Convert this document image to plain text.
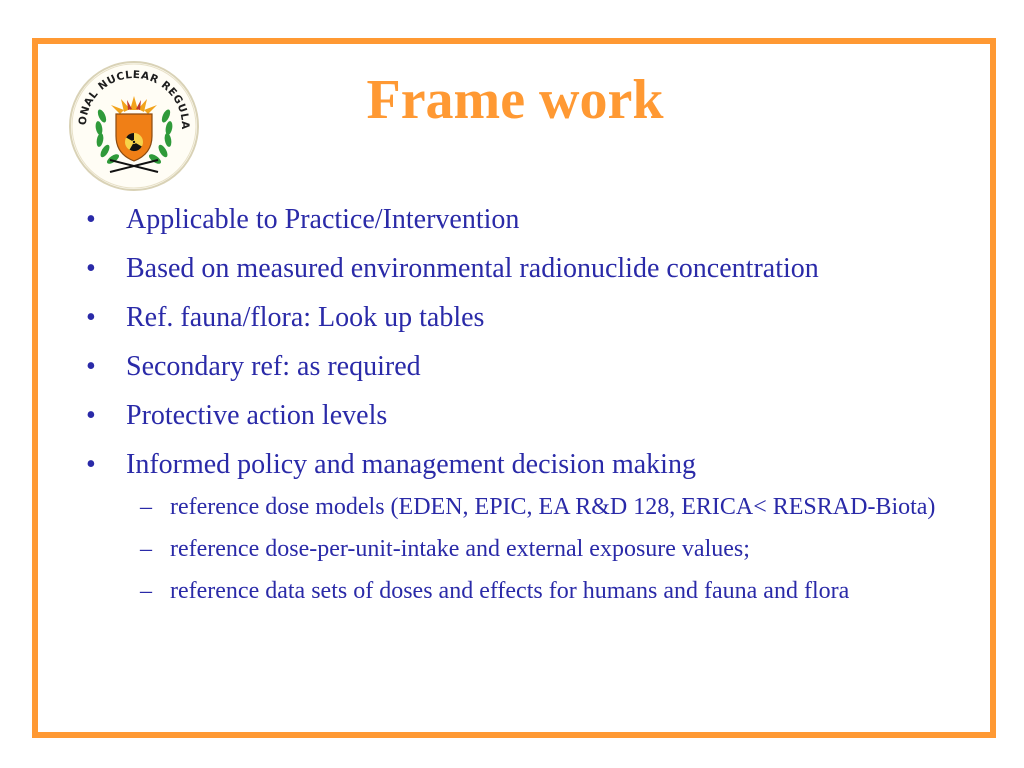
ONAL NUCLEAR REGULA	Frame work
• Applicable to Practice/Intervention
• Based on measured environmental radionuclide concentration
• Ref. fauna/flora: Look up tables
• Secondary ref: as required
• Protective action levels
• Informed policy and management decision making
– reference dose models (EDEN, EPIC, EA R&D 128, ERICA< RESRAD-Biota)
– reference dose-per-unit-intake and external exposure values;
– reference data sets of doses and effects for humans and fauna and flora
